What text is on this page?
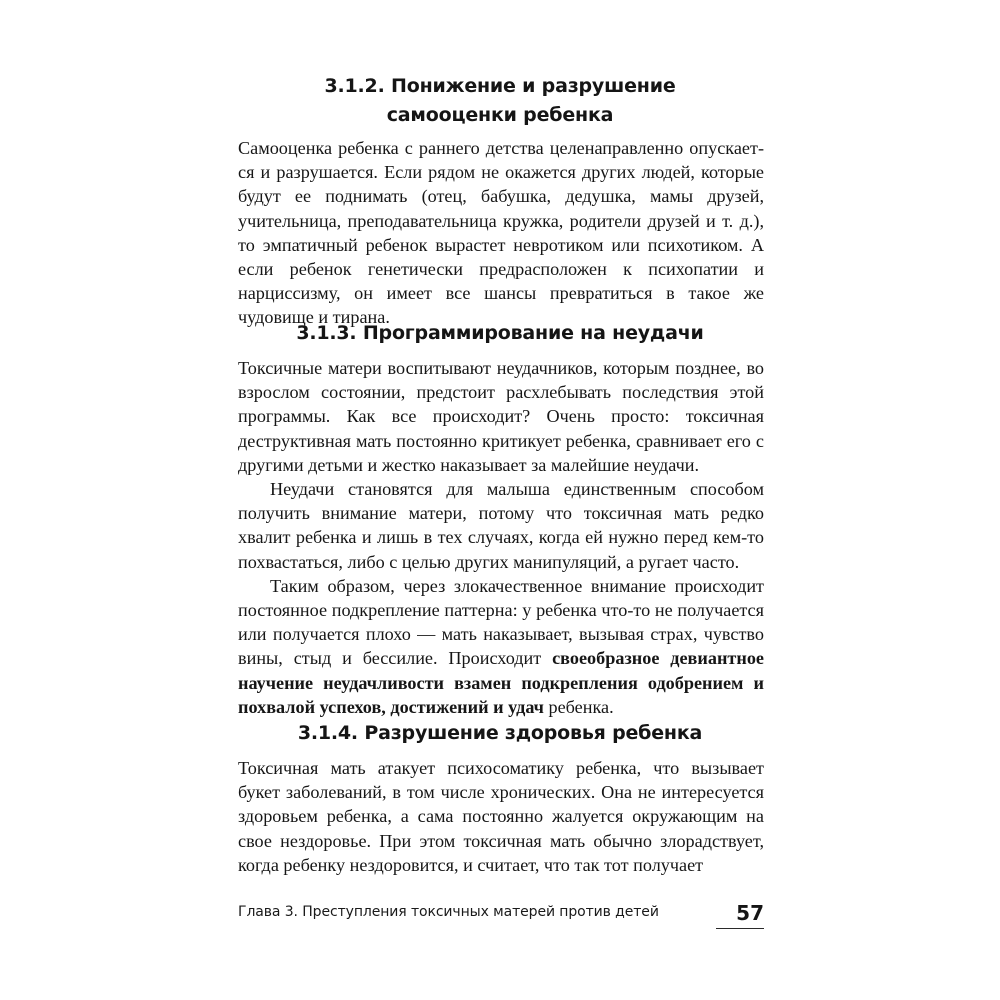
3.1.2. Понижение и разрушение
самооценки ребенка

Самооценка ребенка с раннего детства целенаправленно опускает-ся и разрушается. Если рядом не окажется других людей, которые будут ее поднимать (отец, бабушка, дедушка, мамы друзей, учительница, преподавательница кружка, родители друзей и т. д.), то эмпатичный ребенок вырастет невротиком или психотиком. А если ребенок генетически предрасположен к психопатии и нарциссизму, он имеет все шансы превратиться в такое же чудовище и тирана.

3.1.3. Программирование на неудачи

Токсичные матери воспитывают неудачников, которым позднее, во взрослом состоянии, предстоит расхлебывать последствия этой программы. Как все происходит? Очень просто: токсичная деструктивная мать постоянно критикует ребенка, сравнивает его с другими детьми и жестко наказывает за малейшие неудачи.

Неудачи становятся для малыша единственным способом получить внимание матери, потому что токсичная мать редко хвалит ребенка и лишь в тех случаях, когда ей нужно перед кем-то похвастаться, либо с целью других манипуляций, а ругает часто.

Таким образом, через злокачественное внимание происходит постоянное подкрепление паттерна: у ребенка что-то не получается или получается плохо — мать наказывает, вызывая страх, чувство вины, стыд и бессилие. Происходит своеобразное девиантное научение неудачливости взамен подкрепления одобрением и похвалой успехов, достижений и удач ребенка.

3.1.4. Разрушение здоровья ребенка

Токсичная мать атакует психосоматику ребенка, что вызывает букет заболеваний, в том числе хронических. Она не интересуется здоровьем ребенка, а сама постоянно жалуется окружающим на свое нездоровье. При этом токсичная мать обычно злорадствует, когда ребенку нездоровится, и считает, что так тот получает

Глава 3. Преступления токсичных матерей против детей	57
